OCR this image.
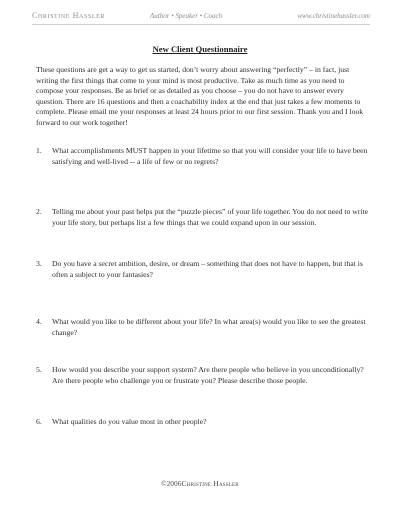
Christine Hassler	Author • Speaker • Coach	www.christinehassler.com
New Client Questionnaire
These questions are get a way to get us started, don’t worry about answering “perfectly” – in fact, just writing the first things that come to your mind is most productive. Take as much time as you need to compose your responses. Be as brief or as detailed as you choose – you do not have to answer every question. There are 16 questions and then a coachability index at the end that just takes a few moments to complete. Please email me your responses at least 24 hours prior to our first session. Thank you and I look forward to our work together!
1.	What accomplishments MUST happen in your lifetime so that you will consider your life to have been satisfying and well-lived -- a life of few or no regrets?
2.	Telling me about your past helps put the “puzzle pieces” of your life together. You do not need to write your life story, but perhaps list a few things that we could expand upon in our session.
3.	Do you have a secret ambition, desire, or dream – something that does not have to happen, but that is often a subject to your fantasies?
4.	What would you like to be different about your life? In what area(s) would you like to see the greatest change?
5.	How would you describe your support system? Are there people who believe in you unconditionally? Are there people who challenge you or frustrate you? Please describe those people.
6.	What qualities do you value most in other people?
©2006Christine Hassler
